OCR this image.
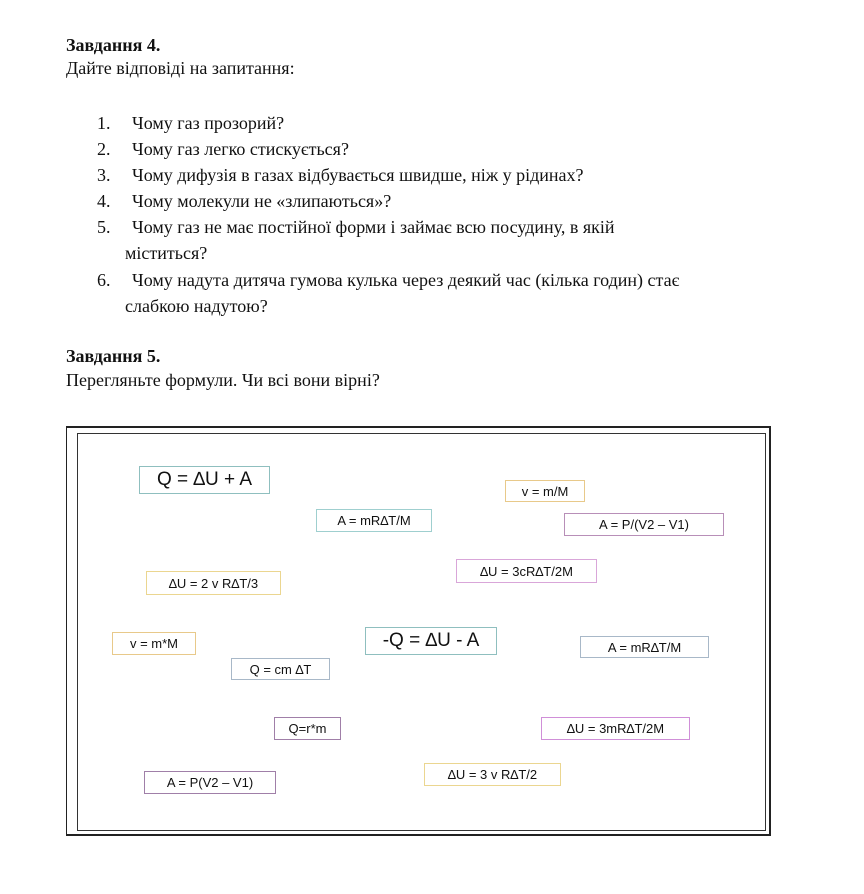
Завдання 4.
Дайте відповіді на запитання:
1. Чому газ прозорий?
2. Чому газ легко стискується?
3. Чому дифузія в газах відбувається швидше, ніж у рідинах?
4. Чому молекули не «злипаються»?
5. Чому газ не має постійної форми і займає всю посудину, в якій
міститься?
6. Чому надута дитяча гумова кулька через деякий час (кілька годин) стає
слабкою надутою?
Завдання 5.
Перегляньте формули. Чи всі вони вірні?
Q = ∆U + A
v = m/M
A = mR∆T/M	A = P/(V2 – V1)
∆U = 3cR∆T/2M
∆U = 2 v R∆T/3
v = m*M	-Q = ∆U - A	A = mR∆T/M
Q = cm ∆T
Q=r*m	∆U = 3mR∆T/2M
∆U = 3 v R∆T/2
A = P(V2 – V1)
